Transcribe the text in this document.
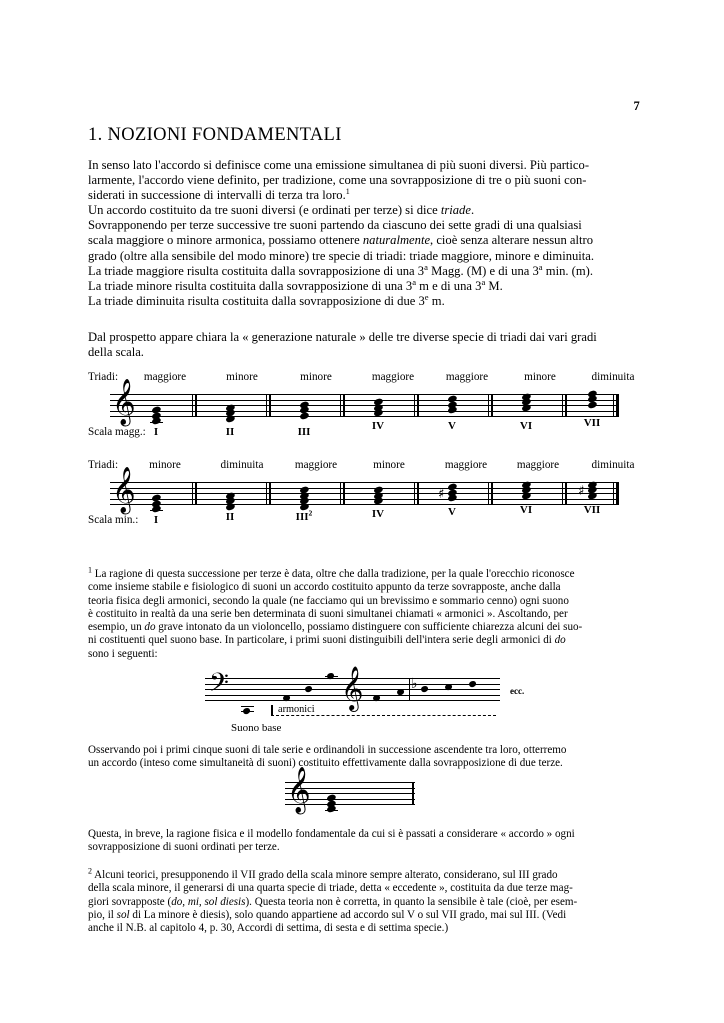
7
1. NOZIONI FONDAMENTALI

In senso lato l'accordo si definisce come una emissione simultanea di più suoni diversi. Più partico-
larmente, l'accordo viene definito, per tradizione, come una sovrapposizione di tre o più suoni con-
siderati in successione di intervalli di terza tra loro.$^1$

Un accordo costituito da tre suoni diversi (e ordinati per terze) si dice triade.

Sovrapponendo per terze successive tre suoni partendo da ciascuno dei sette gradi di una qualsiasi
scala maggiore o minore armonica, possiamo ottenere naturalmente, cioè senza alterare nessun altro
grado (oltre alla sensibile del modo minore) tre specie di triadi: triade maggiore, minore e diminuita.

La triade maggiore risulta costituita dalla sovrapposizione di una 3$^a$ Magg. (M) e di una 3$^a$ min. (m).

La triade minore risulta costituita dalla sovrapposizione di una 3$^a$ m e di una 3$^a$ M.

La triade diminuita risulta costituita dalla sovrapposizione di due 3e m.

Dal prospetto appare chiara la « generazione naturale » delle tre diverse specie di triadi dai vari gradi
della scala.

Triadi: maggiore	minore	minore	maggiore	maggiore	minore	diminuita
𝄞
Scala magg.: I	II	III	IV	V	VI	VII
Triadi:	minore	diminuita	maggiore	minore	maggiore	maggiore	diminuita
𝄞	♯	♯
Scala min.: I	II	III$^2$	IV	V	VI	VII

$^1$ La ragione di questa successione per terze è data, oltre che dalla tradizione, per la quale l'orecchio riconosce
come insieme stabile e fisiologico di suoni un accordo costituito appunto da terze sovrapposte, anche dalla
teoria fisica degli armonici, secondo la quale (ne facciamo qui un brevissimo e sommario cenno) ogni suono
è costituito in realtà da una serie ben determinata di suoni simultanei chiamati « armonici ». Ascoltando, per
esempio, un do grave intonato da un violoncello, possiamo distinguere con sufficiente chiarezza alcuni dei suo-
ni costituenti quel suono base. In particolare, i primi suoni distinguibili dell'intera serie degli armonici di do
sono i seguenti:

𝄢
Suono base
𝄞	♭	ecc.
armonici

Osservando poi i primi cinque suoni di tale serie e ordinandoli in successione ascendente tra loro, otterremo
un accordo (inteso come simultaneità di suoni) costituito effettivamente dalla sovrapposizione di due terze.

𝄞

Questa, in breve, la ragione fisica e il modello fondamentale da cui si è passati a considerare « accordo » ogni
sovrapposizione di suoni ordinati per terze.

$^2$ Alcuni teorici, presupponendo il VII grado della scala minore sempre alterato, considerano, sul III grado
della scala minore, il generarsi di una quarta specie di triade, detta « eccedente », costituita da due terze mag-
giori sovrapposte (do, mi, sol diesis). Questa teoria non è corretta, in quanto la sensibile è tale (cioè, per esem-
pio, il sol di La minore è diesis), solo quando appartiene ad accordo sul V o sul VII grado, mai sul III. (Vedi
anche il N.B. al capitolo 4, p. 30, Accordi di settima, di sesta e di settima specie.)
